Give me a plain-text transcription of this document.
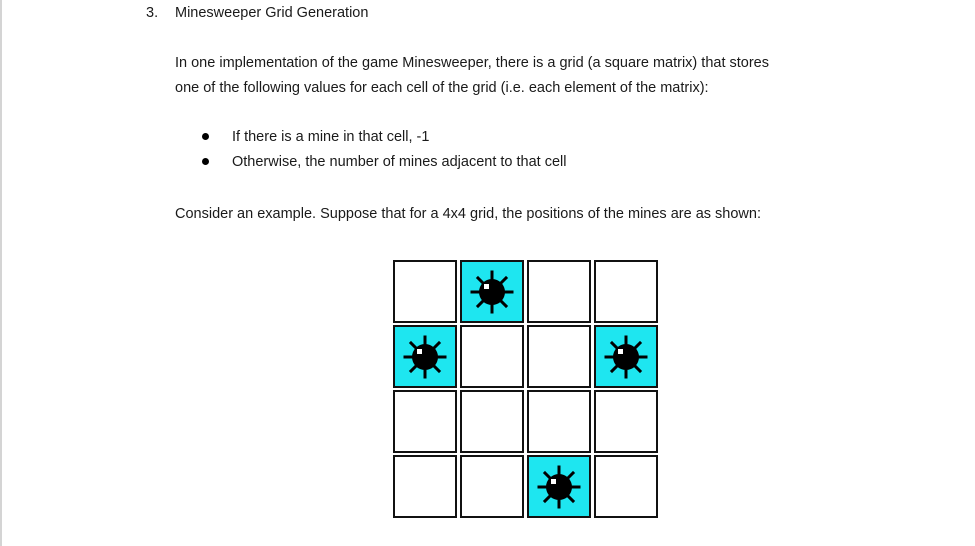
3. Minesweeper Grid Generation
In one implementation of the game Minesweeper, there is a grid (a square matrix) that stores
one of the following values for each cell of the grid (i.e. each element of the matrix):
If there is a mine in that cell, -1
Otherwise, the number of mines adjacent to that cell
Consider an example. Suppose that for a 4x4 grid, the positions of the mines are as shown:
